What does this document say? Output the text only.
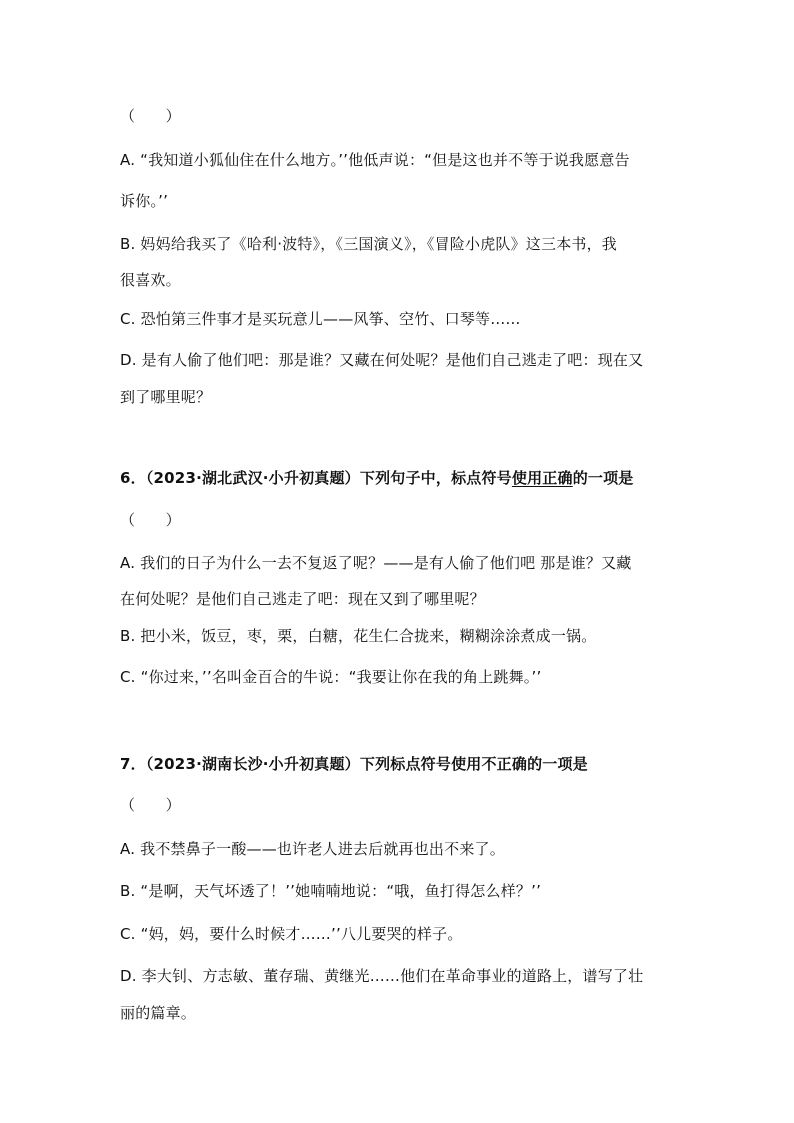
（　　）
A. “我知道小狐仙住在什么地方。’’他低声说：“但是这也并不等于说我愿意告
诉你。’’
B. 妈妈给我买了《哈利·波特》，《三国演义》，《冒险小虎队》这三本书，我
很喜欢。
C. 恐怕第三件事才是买玩意儿——风筝、空竹、口琴等……
D. 是有人偷了他们吧：那是谁？又藏在何处呢？是他们自己逃走了吧：现在又
到了哪里呢？
6．（2023·湖北武汉·小升初真题）下列句子中，标点符号使用正确的一项是
（　　）
A. 我们的日子为什么一去不复返了呢？——是有人偷了他们吧 那是谁？又藏
在何处呢？是他们自己逃走了吧：现在又到了哪里呢？
B. 把小米，饭豆，枣，栗，白糖，花生仁合拢来，糊糊涂涂煮成一锅。
C. “你过来，’’名叫金百合的牛说：“我要让你在我的角上跳舞。’’
7．（2023·湖南长沙·小升初真题）下列标点符号使用不正确的一项是
（　　）
A. 我不禁鼻子一酸——也许老人进去后就再也出不来了。
B. “是啊，天气坏透了！’’她喃喃地说：“哦，鱼打得怎么样？’’
C. “妈，妈，要什么时候才……’’八儿要哭的样子。
D. 李大钊、方志敏、董存瑞、黄继光……他们在革命事业的道路上，谱写了壮
丽的篇章。
